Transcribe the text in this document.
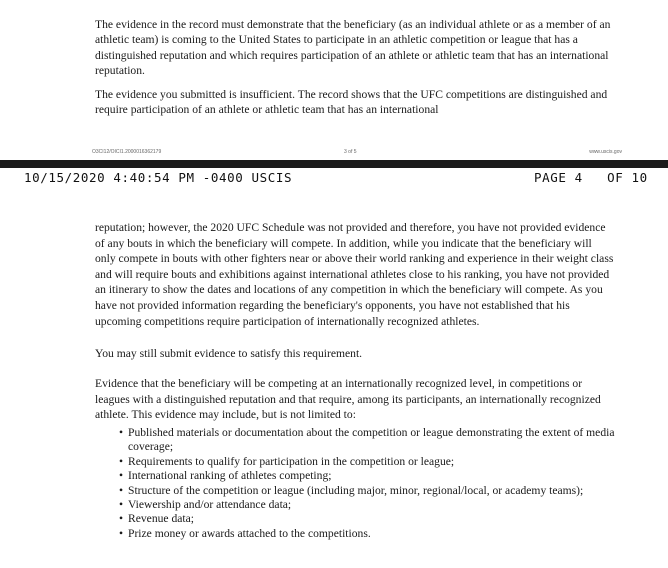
The evidence in the record must demonstrate that the beneficiary (as an individual athlete or as a member of an athletic team) is coming to the United States to participate in an athletic competition or league that has a distinguished reputation and which requires participation of an athlete or athletic team that has an international reputation.

The evidence you submitted is insufficient. The record shows that the UFC competitions are distinguished and require participation of an athlete or athletic team that has an international

O3CI12/OICI1.2000016362179	3 of 5	www.uscis.gov
10/15/2020 4:40:54 PM -0400 USCIS	PAGE 4   OF 10

reputation; however, the 2020 UFC Schedule was not provided and therefore, you have not provided evidence of any bouts in which the beneficiary will compete. In addition, while you indicate that the beneficiary will only compete in bouts with other fighters near or above their world ranking and experience in their weight class and will require bouts and exhibitions against international athletes close to his ranking, you have not provided an itinerary to show the dates and locations of any competition in which the beneficiary will compete. As you have not provided information regarding the beneficiary's opponents, you have not established that his upcoming competitions require participation of internationally recognized athletes.

You may still submit evidence to satisfy this requirement.

Evidence that the beneficiary will be competing at an internationally recognized level, in competitions or leagues with a distinguished reputation and that require, among its participants, an internationally recognized athlete. This evidence may include, but is not limited to:

• Published materials or documentation about the competition or league demonstrating the extent of media coverage;
• Requirements to qualify for participation in the competition or league;
• International ranking of athletes competing;
• Structure of the competition or league (including major, minor, regional/local, or academy teams);
• Viewership and/or attendance data;
• Revenue data;
• Prize money or awards attached to the competitions.
